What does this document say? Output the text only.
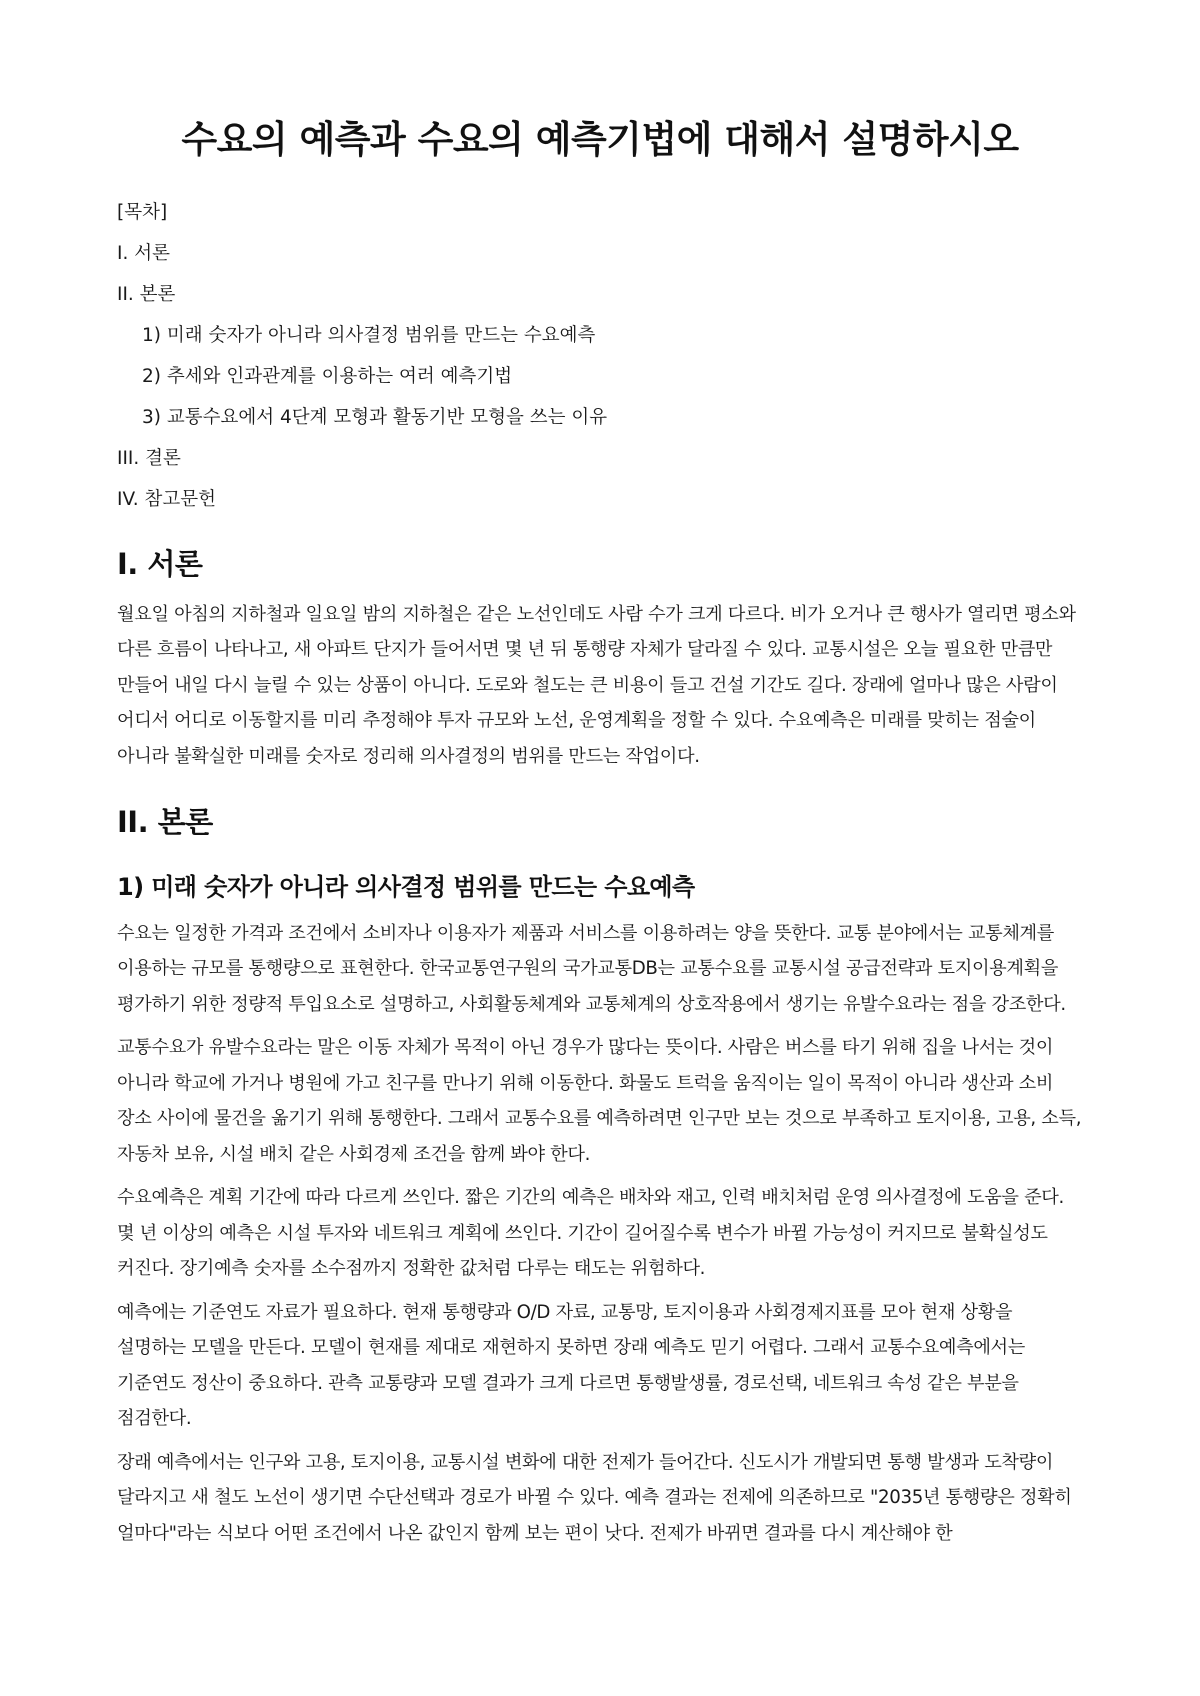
수요의 예측과 수요의 예측기법에 대해서 설명하시오
[목차]
I. 서론
II. 본론
1) 미래 숫자가 아니라 의사결정 범위를 만드는 수요예측
2) 추세와 인과관계를 이용하는 여러 예측기법
3) 교통수요에서 4단계 모형과 활동기반 모형을 쓰는 이유
III. 결론
IV. 참고문헌
I. 서론

월요일 아침의 지하철과 일요일 밤의 지하철은 같은 노선인데도 사람 수가 크게 다르다. 비가 오거나 큰 행사가 열리면 평소와 다른 흐름이 나타나고, 새 아파트 단지가 들어서면 몇 년 뒤 통행량 자체가 달라질 수 있다. 교통시설은 오늘 필요한 만큼만 만들어 내일 다시 늘릴 수 있는 상품이 아니다. 도로와 철도는 큰 비용이 들고 건설 기간도 길다. 장래에 얼마나 많은 사람이 어디서 어디로 이동할지를 미리 추정해야 투자 규모와 노선, 운영계획을 정할 수 있다. 수요예측은 미래를 맞히는 점술이 아니라 불확실한 미래를 숫자로 정리해 의사결정의 범위를 만드는 작업이다.

II. 본론
1) 미래 숫자가 아니라 의사결정 범위를 만드는 수요예측

수요는 일정한 가격과 조건에서 소비자나 이용자가 제품과 서비스를 이용하려는 양을 뜻한다. 교통 분야에서는 교통체계를 이용하는 규모를 통행량으로 표현한다. 한국교통연구원의 국가교통DB는 교통수요를 교통시설 공급전략과 토지이용계획을 평가하기 위한 정량적 투입요소로 설명하고, 사회활동체계와 교통체계의 상호작용에서 생기는 유발수요라는 점을 강조한다.

교통수요가 유발수요라는 말은 이동 자체가 목적이 아닌 경우가 많다는 뜻이다. 사람은 버스를 타기 위해 집을 나서는 것이 아니라 학교에 가거나 병원에 가고 친구를 만나기 위해 이동한다. 화물도 트럭을 움직이는 일이 목적이 아니라 생산과 소비 장소 사이에 물건을 옮기기 위해 통행한다. 그래서 교통수요를 예측하려면 인구만 보는 것으로 부족하고 토지이용, 고용, 소득, 자동차 보유, 시설 배치 같은 사회경제 조건을 함께 봐야 한다.

수요예측은 계획 기간에 따라 다르게 쓰인다. 짧은 기간의 예측은 배차와 재고, 인력 배치처럼 운영 의사결정에 도움을 준다. 몇 년 이상의 예측은 시설 투자와 네트워크 계획에 쓰인다. 기간이 길어질수록 변수가 바뀔 가능성이 커지므로 불확실성도 커진다. 장기예측 숫자를 소수점까지 정확한 값처럼 다루는 태도는 위험하다.

예측에는 기준연도 자료가 필요하다. 현재 통행량과 O/D 자료, 교통망, 토지이용과 사회경제지표를 모아 현재 상황을 설명하는 모델을 만든다. 모델이 현재를 제대로 재현하지 못하면 장래 예측도 믿기 어렵다. 그래서 교통수요예측에서는 기준연도 정산이 중요하다. 관측 교통량과 모델 결과가 크게 다르면 통행발생률, 경로선택, 네트워크 속성 같은 부분을 점검한다.

장래 예측에서는 인구와 고용, 토지이용, 교통시설 변화에 대한 전제가 들어간다. 신도시가 개발되면 통행 발생과 도착량이 달라지고 새 철도 노선이 생기면 수단선택과 경로가 바뀔 수 있다. 예측 결과는 전제에 의존하므로 "2035년 통행량은 정확히 얼마다"라는 식보다 어떤 조건에서 나온 값인지 함께 보는 편이 낫다. 전제가 바뀌면 결과를 다시 계산해야 한
